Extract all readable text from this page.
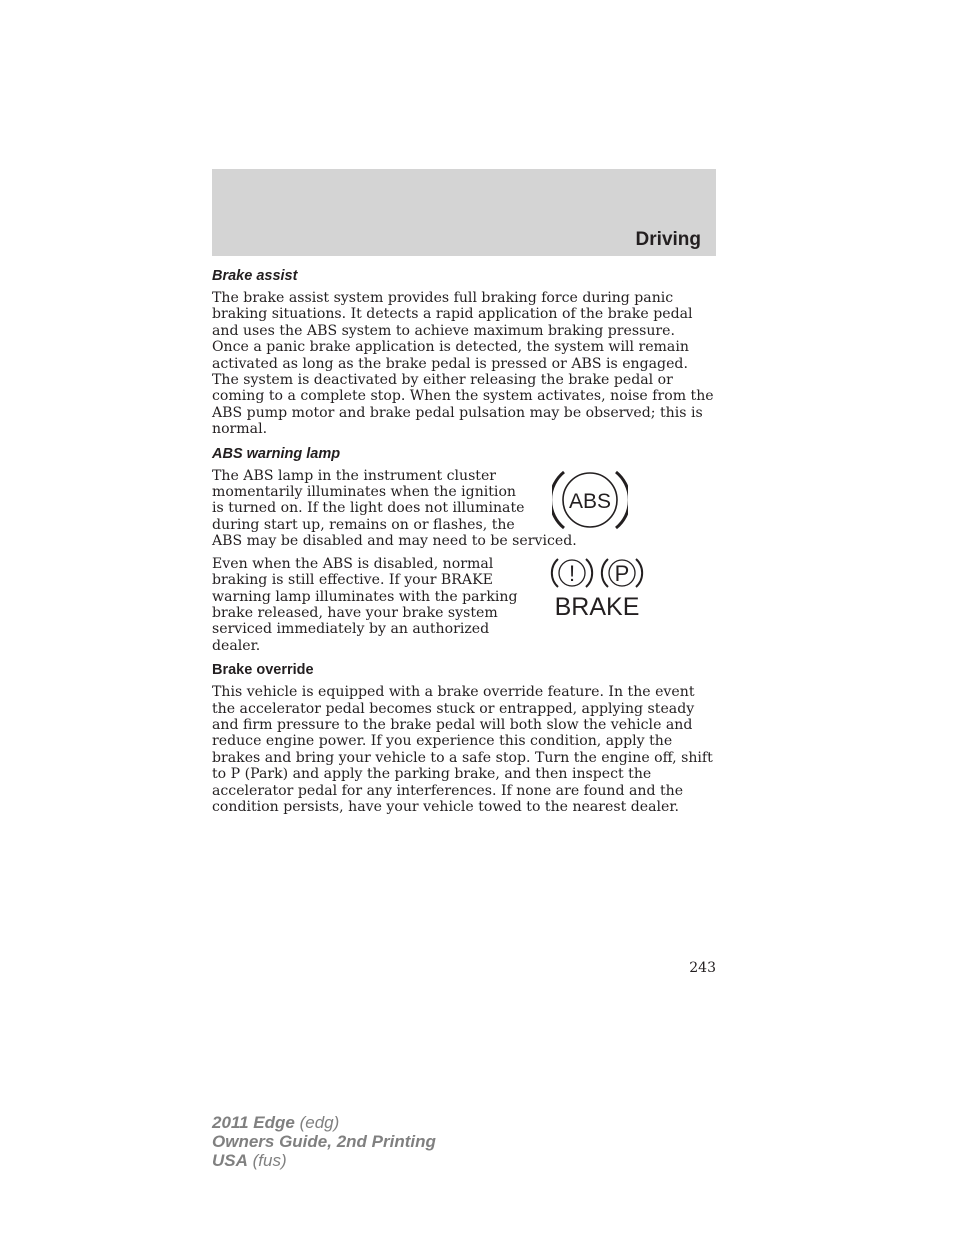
Driving
Brake assist

The brake assist system provides full braking force during panic braking situations. It detects a rapid application of the brake pedal and uses the ABS system to achieve maximum braking pressure. Once a panic brake application is detected, the system will remain activated as long as the brake pedal is pressed or ABS is engaged. The system is deactivated by either releasing the brake pedal or coming to a complete stop. When the system activates, noise from the ABS pump motor and brake pedal pulsation may be observed; this is normal.

ABS warning lamp
ABS

The ABS lamp in the instrument cluster momentarily illuminates when the ignition is turned on. If the light does not illuminate during start up, remains on or flashes, the ABS may be disabled and may need to be serviced.

! P
BRAKE

Even when the ABS is disabled, normal braking is still effective. If your BRAKE warning lamp illuminates with the parking brake released, have your brake system serviced immediately by an authorized dealer.

Brake override

This vehicle is equipped with a brake override feature. In the event the accelerator pedal becomes stuck or entrapped, applying steady and firm pressure to the brake pedal will both slow the vehicle and reduce engine power. If you experience this condition, apply the brakes and bring your vehicle to a safe stop. Turn the engine off, shift to P (Park) and apply the parking brake, and then inspect the accelerator pedal for any interferences. If none are found and the condition persists, have your vehicle towed to the nearest dealer.

243
2011 Edge (edg)
Owners Guide, 2nd Printing
USA (fus)
